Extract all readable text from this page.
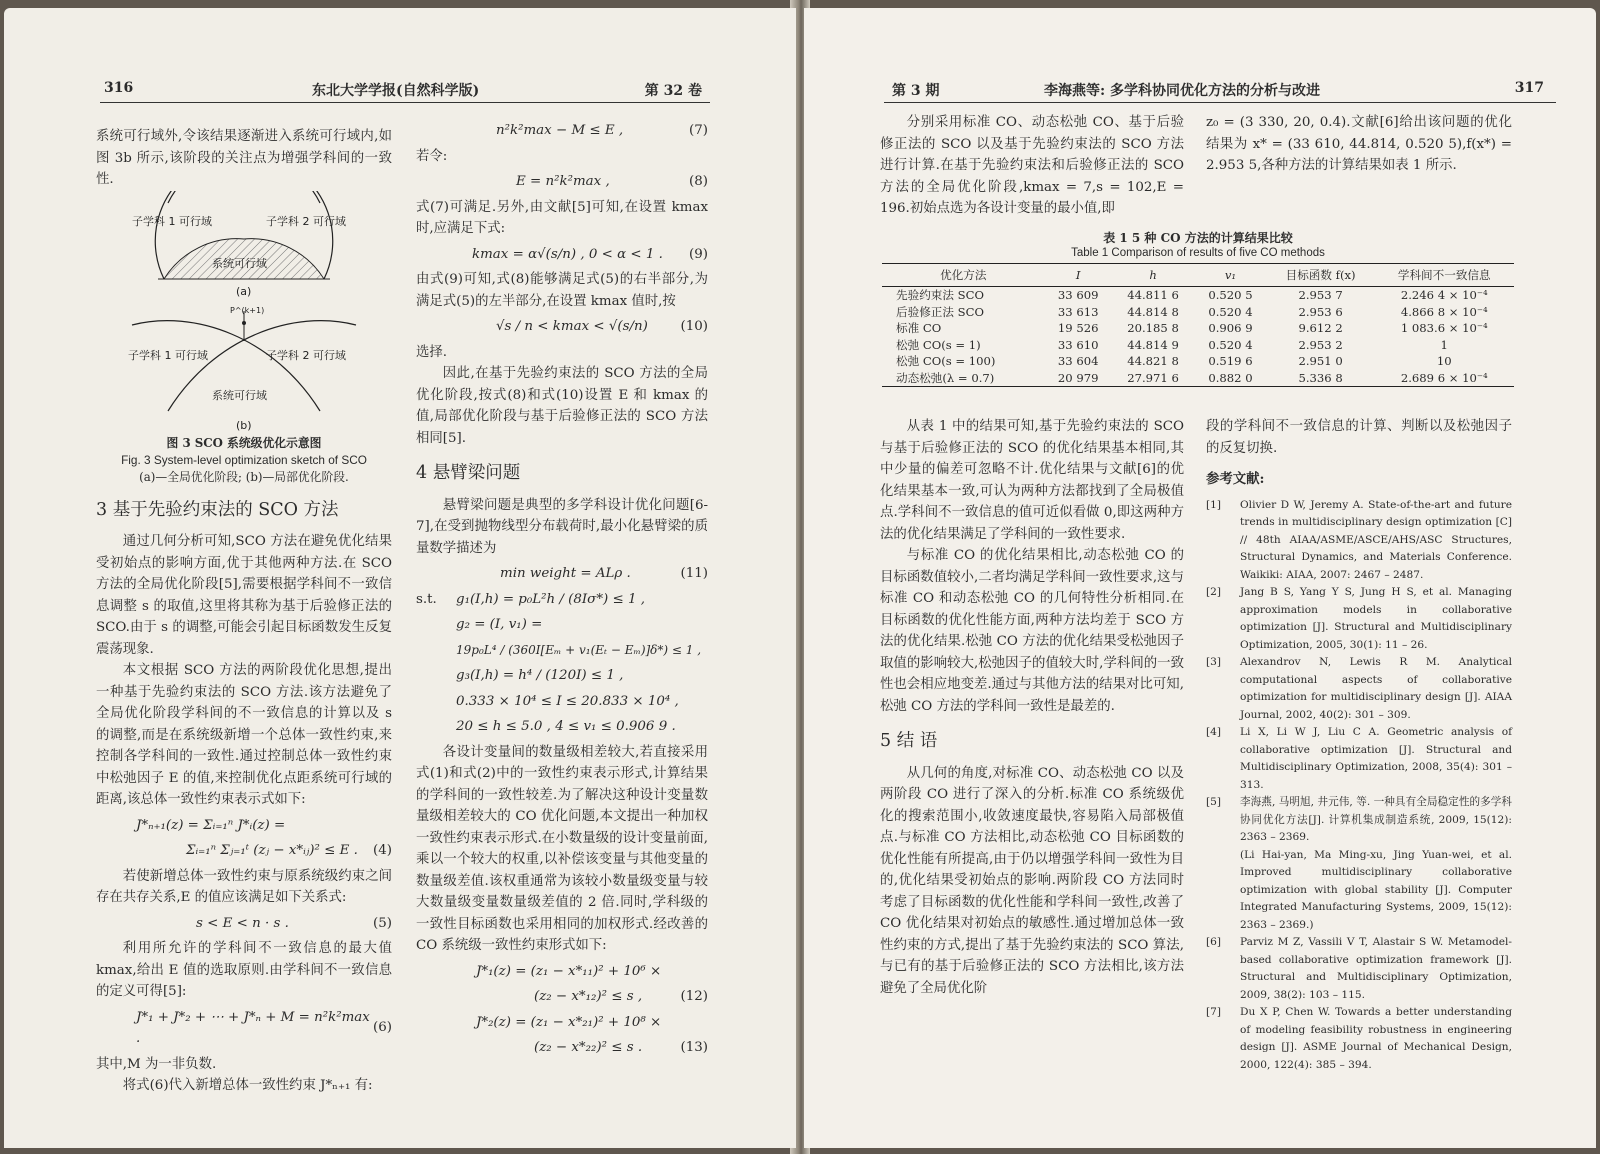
316	东北大学学报(自然科学版)	第 32 卷

系统可行域外,令该结果逐渐进入系统可行域内,如图 3b 所示,该阶段的关注点为增强学科间的一致性.

子学科 1 可行域	子学科 2 可行域
系统可行域
(a)
P^(k+1)
子学科 1 可行域	子学科 2 可行域
系统可行域
(b)
图 3 SCO 系统级优化示意图
Fig. 3 System-level optimization sketch of SCO
(a)—全局优化阶段; (b)—局部优化阶段.
3 基于先验约束法的 SCO 方法

通过几何分析可知,SCO 方法在避免优化结果受初始点的影响方面,优于其他两种方法.在 SCO 方法的全局优化阶段[5],需要根据学科间不一致信息调整 s 的取值,这里将其称为基于后验修正法的 SCO.由于 s 的调整,可能会引起目标函数发生反复震荡现象.

本文根据 SCO 方法的两阶段优化思想,提出一种基于先验约束法的 SCO 方法.该方法避免了全局优化阶段学科间的不一致信息的计算以及 s 的调整,而是在系统级新增一个总体一致性约束,来控制各学科间的一致性.通过控制总体一致性约束中松弛因子 E 的值,来控制优化点距系统可行域的距离,该总体一致性约束表示式如下:

J*ₙ₊₁(z) = Σᵢ₌₁ⁿ J*ᵢ(z) =
Σᵢ₌₁ⁿ Σⱼ₌₁ᵗ (zⱼ − x*ᵢⱼ)² ≤ E . (4)

若使新增总体一致性约束与原系统级约束之间存在共存关系,E 的值应该满足如下关系式:

s < E < n · s .	(5)

利用所允许的学科间不一致信息的最大值 kmax,给出 E 值的选取原则.由学科间不一致信息的定义可得[5]:

J*₁ + J*₂ + ⋯ + J*ₙ + M = n²k²max .
(6)

其中,M 为一非负数.

将式(6)代入新增总体一致性约束 J*ₙ₊₁ 有:

n²k²max − M ≤ E ,	(7)

若令:

E = n²k²max ,	(8)

式(7)可满足.另外,由文献[5]可知,在设置 kmax 时,应满足下式:

kmax = α√(s/n) , 0 < α < 1 . (9)

由式(9)可知,式(8)能够满足式(5)的右半部分,为满足式(5)的左半部分,在设置 kmax 值时,按

√s / n < kmax < √(s/n) (10)

选择.

因此,在基于先验约束法的 SCO 方法的全局优化阶段,按式(8)和式(10)设置 E 和 kmax 的值,局部优化阶段与基于后验修正法的 SCO 方法相同[5].

4 悬臂梁问题

悬臂梁问题是典型的多学科设计优化问题[6-7],在受到抛物线型分布载荷时,最小化悬臂梁的质量数学描述为

min weight = ALρ .	(11)
s.t.	g₁(I,h) = p₀L²h / (8Iσ*) ≤ 1 ,
g₂ = (I, v₁) =
19p₀L⁴ / (360I[Eₘ + v₁(Eₜ − Eₘ)]δ*) ≤ 1 ,
g₃(I,h) = h⁴ / (120I) ≤ 1 ,
0.333 × 10⁴ ≤ I ≤ 20.833 × 10⁴ ,
20 ≤ h ≤ 5.0 , 4 ≤ v₁ ≤ 0.906 9 .

各设计变量间的数量级相差较大,若直接采用式(1)和式(2)中的一致性约束表示形式,计算结果的学科间的一致性较差.为了解决这种设计变量数量级相差较大的 CO 优化问题,本文提出一种加权一致性约束表示形式.在小数量级的设计变量前面,乘以一个较大的权重,以补偿该变量与其他变量的数量级差值.该权重通常为该较小数量级变量与较大数量级变量数量级差值的 2 倍.同时,学科级的一致性目标函数也采用相同的加权形式.经改善的 CO 系统级一致性约束形式如下:

J*₁(z) = (z₁ − x*₁₁)² + 10⁶ ×
(z₂ − x*₁₂)² ≤ s ,	(12)
J*₂(z) = (z₁ − x*₂₁)² + 10⁸ ×
(z₂ − x*₂₂)² ≤ s .	(13)
第 3 期	李海燕等: 多学科协同优化方法的分析与改进	317

分别采用标准 CO、动态松弛 CO、基于后验修正法的 SCO 以及基于先验约束法的 SCO 方法进行计算.在基于先验约束法和后验修正法的 SCO 方法的全局优化阶段,kmax = 7,s = 102,E = 196.初始点选为各设计变量的最小值,即

z₀ = (3 330, 20, 0.4).文献[6]给出该问题的优化结果为 x* = (33 610, 44.814, 0.520 5),f(x*) = 2.953 5,各种方法的计算结果如表 1 所示.

表 1 5 种 CO 方法的计算结果比较
Table 1 Comparison of results of five CO methods
优化方法	I	h	v₁	目标函数 f(x)	学科间不一致信息
先验约束法 SCO	33 609	44.811 6	0.520 5	2.953 7	2.246 4 × 10⁻⁴
后验修正法 SCO	33 613	44.814 8	0.520 4	2.953 6	4.866 8 × 10⁻⁴
标准 CO	19 526	20.185 8	0.906 9	9.612 2	1 083.6 × 10⁻⁴
松弛 CO(s = 1)	33 610	44.814 9	0.520 4	2.953 2	1
松弛 CO(s = 100)	33 604	44.821 8	0.519 6	2.951 0	10
动态松弛(λ = 0.7)	20 979	27.971 6	0.882 0	5.336 8	2.689 6 × 10⁻⁴

从表 1 中的结果可知,基于先验约束法的 SCO 与基于后验修正法的 SCO 的优化结果基本相同,其中少量的偏差可忽略不计.优化结果与文献[6]的优化结果基本一致,可认为两种方法都找到了全局极值点.学科间不一致信息的值可近似看做 0,即这两种方法的优化结果满足了学科间的一致性要求.

与标准 CO 的优化结果相比,动态松弛 CO 的目标函数值较小,二者均满足学科间一致性要求,这与标准 CO 和动态松弛 CO 的几何特性分析相同.在目标函数的优化性能方面,两种方法均差于 SCO 方法的优化结果.松弛 CO 方法的优化结果受松弛因子取值的影响较大,松弛因子的值较大时,学科间的一致性也会相应地变差.通过与其他方法的结果对比可知,松弛 CO 方法的学科间一致性是最差的.

5 结 语

从几何的角度,对标准 CO、动态松弛 CO 以及两阶段 CO 进行了深入的分析.标准 CO 系统级优化的搜索范围小,收敛速度最快,容易陷入局部极值点.与标准 CO 方法相比,动态松弛 CO 目标函数的优化性能有所提高,由于仍以增强学科间一致性为目的,优化结果受初始点的影响.两阶段 CO 方法同时考虑了目标函数的优化性能和学科间一致性,改善了 CO 优化结果对初始点的敏感性.通过增加总体一致性约束的方式,提出了基于先验约束法的 SCO 算法,与已有的基于后验修正法的 SCO 方法相比,该方法避免了全局优化阶

段的学科间不一致信息的计算、判断以及松弛因子的反复切换.

参考文献:
[1]	Olivier D W, Jeremy A. State-of-the-art and future trends in multidisciplinary design optimization [C] // 48th AIAA/ASME/ASCE/AHS/ASC Structures, Structural Dynamics, and Materials Conference. Waikiki: AIAA, 2007: 2467 – 2487.
[2]	Jang B S, Yang Y S, Jung H S, et al. Managing approximation models in collaborative optimization [J]. Structural and Multidisciplinary Optimization, 2005, 30(1): 11 – 26.
[3]	Alexandrov N, Lewis R M. Analytical computational aspects of collaborative optimization for multidisciplinary design [J]. AIAA Journal, 2002, 40(2): 301 – 309.
[4]	Li X, Li W J, Liu C A. Geometric analysis of collaborative optimization [J]. Structural and Multidisciplinary Optimization, 2008, 35(4): 301 – 313.
[5]	李海燕, 马明旭, 井元伟, 等. 一种具有全局稳定性的多学科协同优化方法[J]. 计算机集成制造系统, 2009, 15(12): 2363 – 2369.
(Li Hai-yan, Ma Ming-xu, Jing Yuan-wei, et al. Improved multidisciplinary collaborative optimization with global stability [J]. Computer Integrated Manufacturing Systems, 2009, 15(12): 2363 – 2369.)
[6]	Parviz M Z, Vassili V T, Alastair S W. Metamodel-based collaborative optimization framework [J]. Structural and Multidisciplinary Optimization, 2009, 38(2): 103 – 115.
[7]	Du X P, Chen W. Towards a better understanding of modeling feasibility robustness in engineering design [J]. ASME Journal of Mechanical Design, 2000, 122(4): 385 – 394.
